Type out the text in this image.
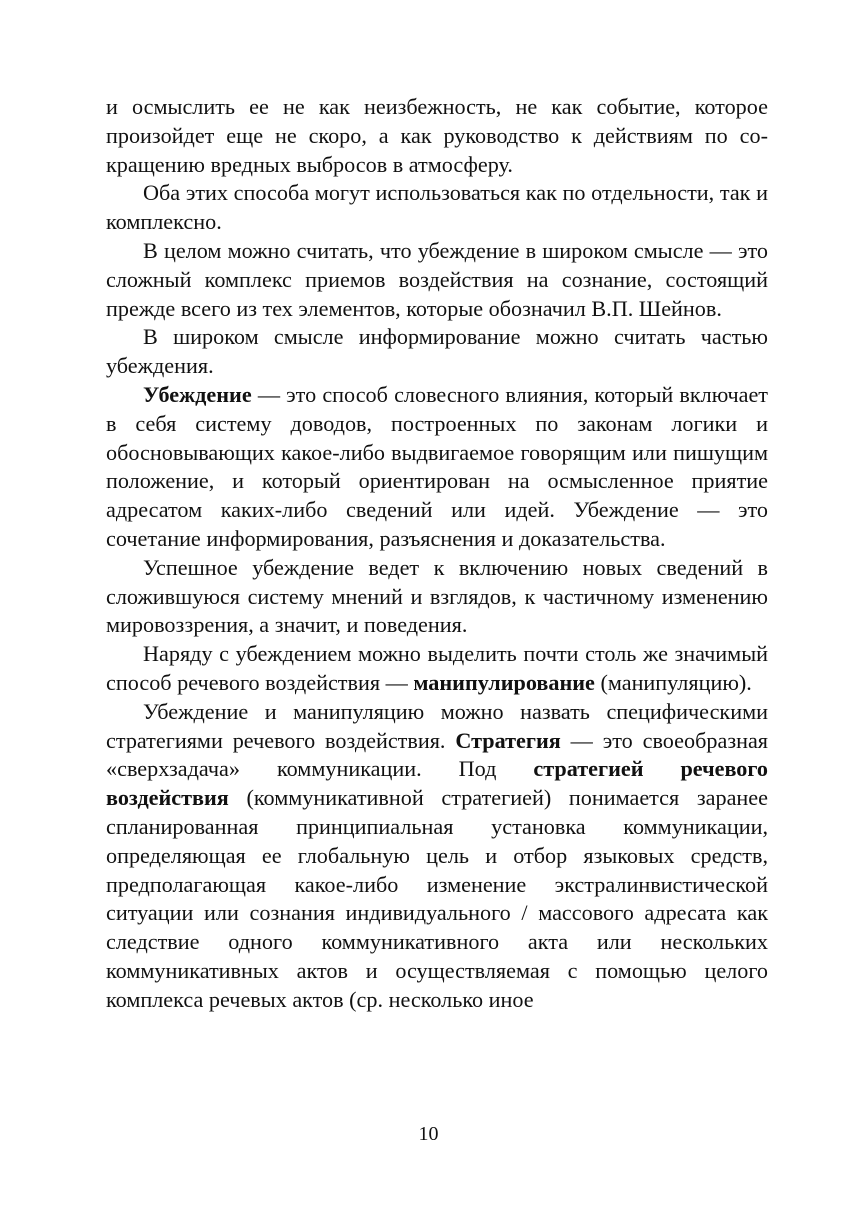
и осмыслить ее не как неизбежность, не как событие, которое произойдет еще не скоро, а как руководство к действиям по сокращению вредных выбросов в атмосферу.

Оба этих способа могут использоваться как по отдельности, так и комплексно.

В целом можно считать, что убеждение в широком смысле — это сложный комплекс приемов воздействия на сознание, состоящий прежде всего из тех элементов, которые обозначил В.П. Шейнов.

В широком смысле информирование можно считать частью убеждения.

Убеждение — это способ словесного влияния, который включает в себя систему доводов, построенных по законам логики и обосновывающих какое-либо выдвигаемое говорящим или пишущим положение, и который ориентирован на осмысленное приятие адресатом каких-либо сведений или идей. Убеждение — это сочетание информирования, разъяснения и доказательства.

Успешное убеждение ведет к включению новых сведений в сложившуюся систему мнений и взглядов, к частичному изменению мировоззрения, а значит, и поведения.

Наряду с убеждением можно выделить почти столь же значимый способ речевого воздействия — манипулирование (манипуляцию).

Убеждение и манипуляцию можно назвать специфическими стратегиями речевого воздействия. Стратегия — это своеобразная «сверхзадача» коммуникации. Под стратегией речевого воздействия (коммуникативной стратегией) понимается заранее спланированная принципиальная установка коммуникации, определяющая ее глобальную цель и отбор языковых средств, предполагающая какое-либо изменение экстралинвистической ситуации или сознания индивидуального / массового адресата как следствие одного коммуникативного акта или нескольких коммуникативных актов и осуществляемая с помощью целого комплекса речевых актов (ср. несколько иное

10
